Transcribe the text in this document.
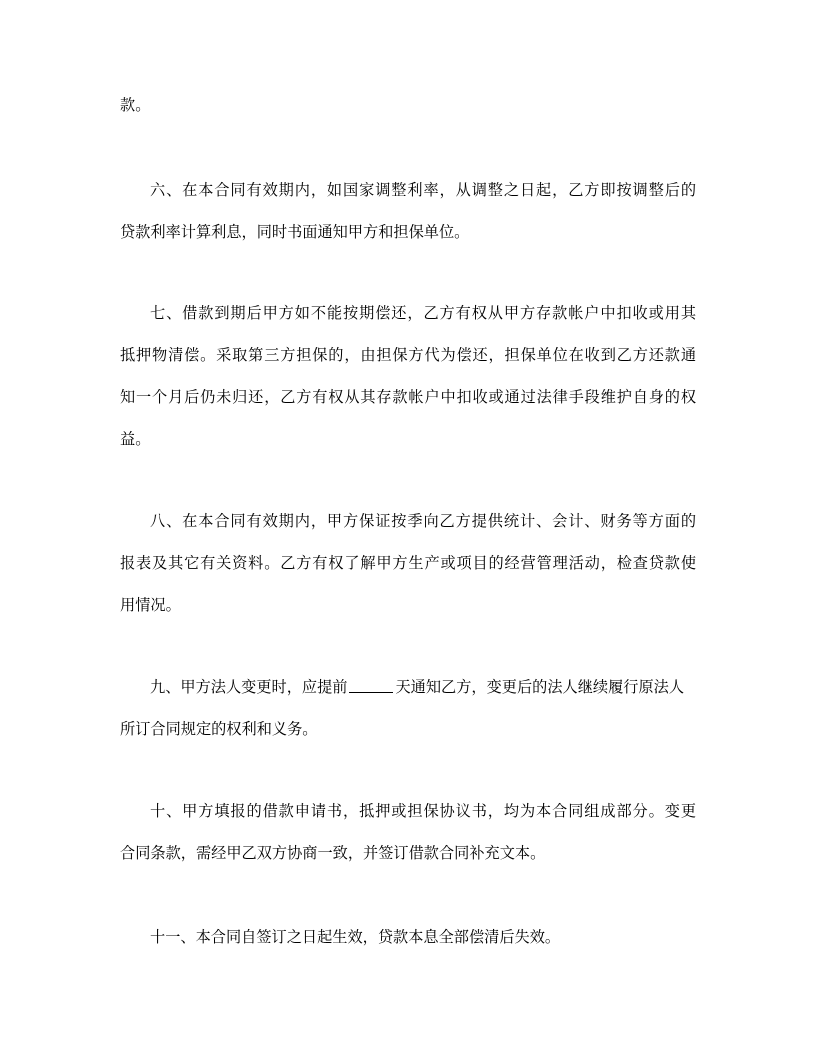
款。
六、在本合同有效期内，如国家调整利率，从调整之日起，乙方即按调整后的
贷款利率计算利息，同时书面通知甲方和担保单位。
七、借款到期后甲方如不能按期偿还，乙方有权从甲方存款帐户中扣收或用其
抵押物清偿。采取第三方担保的，由担保方代为偿还，担保单位在收到乙方还款通
知一个月后仍未归还，乙方有权从其存款帐户中扣收或通过法律手段维护自身的权
益。
八、在本合同有效期内，甲方保证按季向乙方提供统计、会计、财务等方面的
报表及其它有关资料。乙方有权了解甲方生产或项目的经营管理活动，检查贷款使
用情况。
九、甲方法人变更时，应提前	天通知乙方，变更后的法人继续履行原法人
所订合同规定的权利和义务。
十、甲方填报的借款申请书，抵押或担保协议书，均为本合同组成部分。变更
合同条款，需经甲乙双方协商一致，并签订借款合同补充文本。
十一、本合同自签订之日起生效，贷款本息全部偿清后失效。
